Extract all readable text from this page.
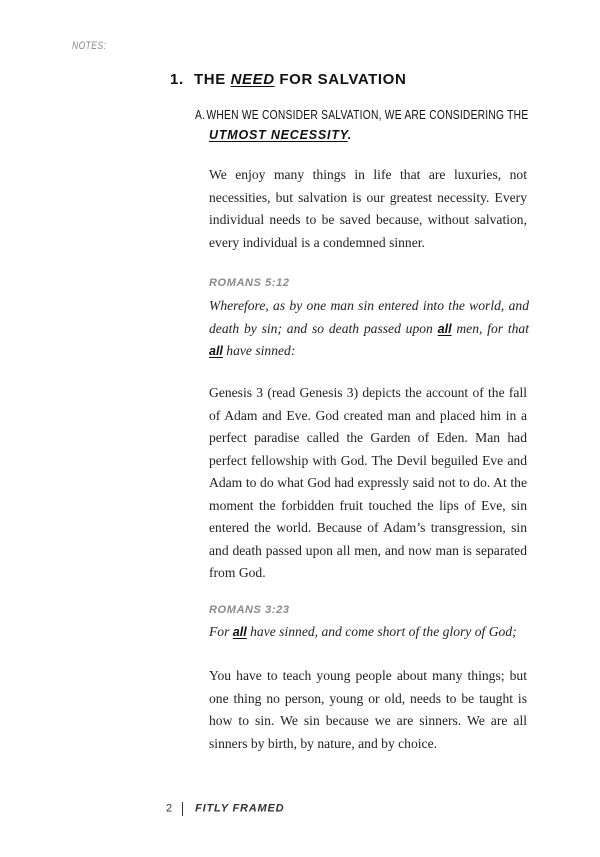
NOTES:
1. THE NEED FOR SALVATION
A.WHEN WE CONSIDER SALVATION, WE ARE CONSIDERING THE
UTMOST NECESSITY.
We enjoy many things in life that are luxuries, not necessities, but salvation is our greatest necessity. Every individual needs to be saved because, without salvation, every individual is a condemned sinner.
ROMANS 5:12
Wherefore, as by one man sin entered into the world, and death by sin; and so death passed upon all men, for that all have sinned:
Genesis 3 (read Genesis 3) depicts the account of the fall of Adam and Eve. God created man and placed him in a perfect paradise called the Garden of Eden. Man had perfect fellowship with God. The Devil beguiled Eve and Adam to do what God had expressly said not to do. At the moment the forbidden fruit touched the lips of Eve, sin entered the world. Because of Adam’s transgression, sin and death passed upon all men, and now man is separated from God.
ROMANS 3:23
For all have sinned, and come short of the glory of God;
You have to teach young people about many things; but one thing no person, young or old, needs to be taught is how to sin. We sin because we are sinners. We are all sinners by birth, by nature, and by choice.
2 FITLY FRAMED
